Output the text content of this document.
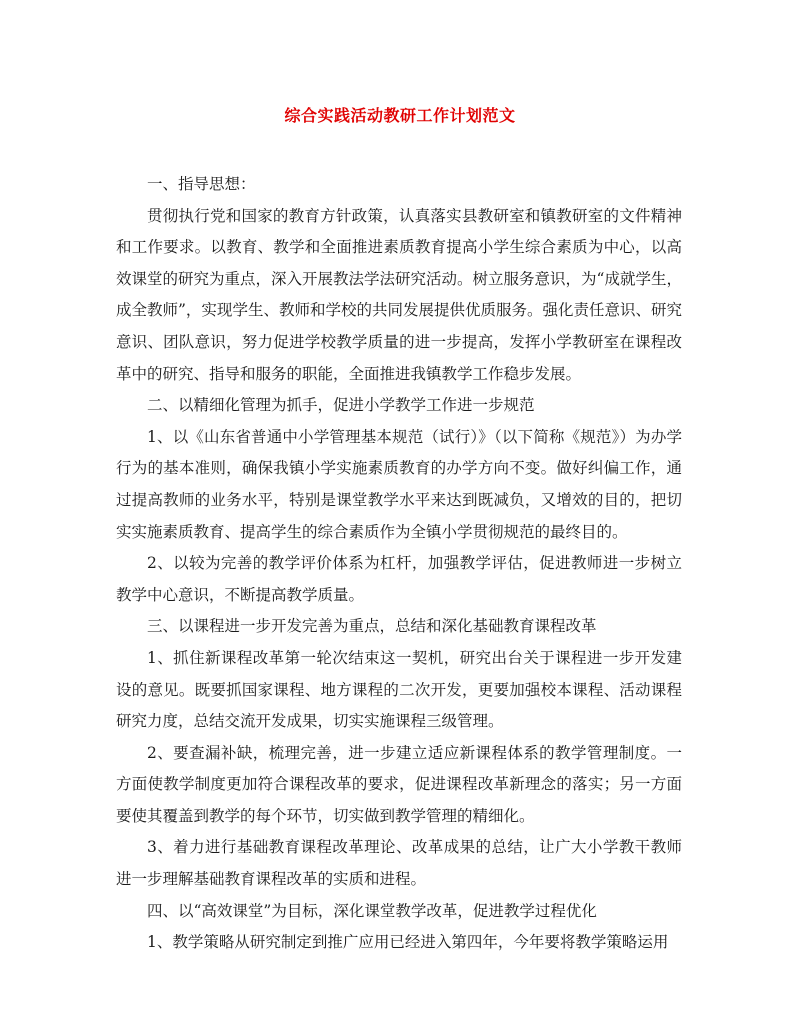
综合实践活动教研工作计划范文

一、指导思想：

贯彻执行党和国家的教育方针政策，认真落实县教研室和镇教研室的文件精神和工作要求。以教育、教学和全面推进素质教育提高小学生综合素质为中心，以高效课堂的研究为重点，深入开展教法学法研究活动。树立服务意识，为“成就学生，成全教师”，实现学生、教师和学校的共同发展提供优质服务。强化责任意识、研究意识、团队意识，努力促进学校教学质量的进一步提高，发挥小学教研室在课程改革中的研究、指导和服务的职能，全面推进我镇教学工作稳步发展。

二、以精细化管理为抓手，促进小学教学工作进一步规范

1、以《山东省普通中小学管理基本规范（试行）》（以下简称《规范》）为办学行为的基本准则，确保我镇小学实施素质教育的办学方向不变。做好纠偏工作，通过提高教师的业务水平，特别是课堂教学水平来达到既减负，又增效的目的，把切实实施素质教育、提高学生的综合素质作为全镇小学贯彻规范的最终目的。

2、以较为完善的教学评价体系为杠杆，加强教学评估，促进教师进一步树立教学中心意识，不断提高教学质量。

三、以课程进一步开发完善为重点，总结和深化基础教育课程改革

1、抓住新课程改革第一轮次结束这一契机，研究出台关于课程进一步开发建设的意见。既要抓国家课程、地方课程的二次开发，更要加强校本课程、活动课程研究力度，总结交流开发成果，切实实施课程三级管理。

2、要查漏补缺，梳理完善，进一步建立适应新课程体系的教学管理制度。一方面使教学制度更加符合课程改革的要求，促进课程改革新理念的落实；另一方面要使其覆盖到教学的每个环节，切实做到教学管理的精细化。

3、着力进行基础教育课程改革理论、改革成果的总结，让广大小学教干教师进一步理解基础教育课程改革的实质和进程。

四、以“高效课堂”为目标，深化课堂教学改革，促进教学过程优化

1、教学策略从研究制定到推广应用已经进入第四年，今年要将教学策略运用
